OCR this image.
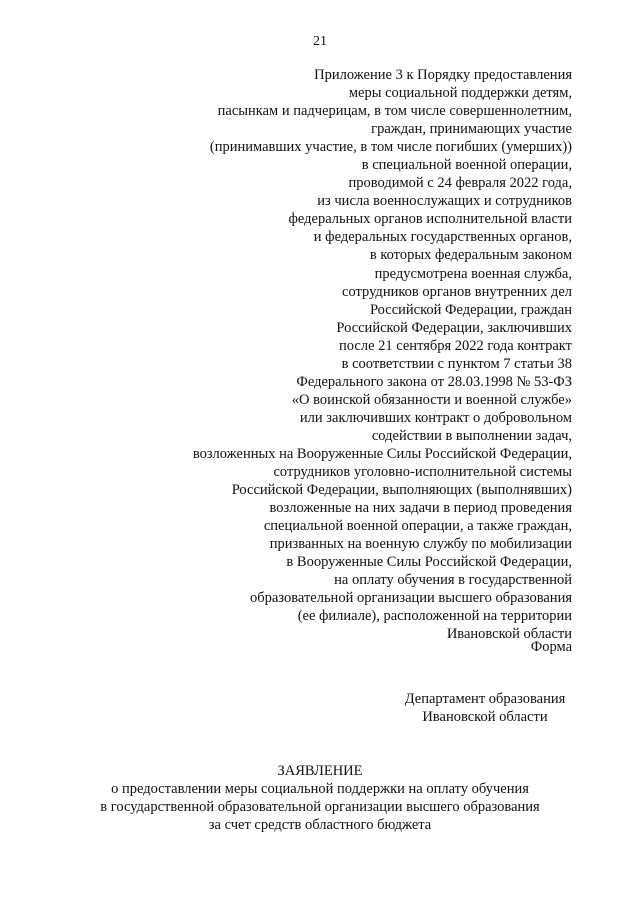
21
Приложение 3 к Порядку предоставления
меры социальной поддержки детям,
пасынкам и падчерицам, в том числе совершеннолетним,
граждан, принимающих участие
(принимавших участие, в том числе погибших (умерших))
в специальной военной операции,
проводимой с 24 февраля 2022 года,
из числа военнослужащих и сотрудников
федеральных органов исполнительной власти
и федеральных государственных органов,
в которых федеральным законом
предусмотрена военная служба,
сотрудников органов внутренних дел
Российской Федерации, граждан
Российской Федерации, заключивших
после 21 сентября 2022 года контракт
в соответствии с пунктом 7 статьи 38
Федерального закона от 28.03.1998 № 53-ФЗ
«О воинской обязанности и военной службе»
или заключивших контракт о добровольном
содействии в выполнении задач,
возложенных на Вооруженные Силы Российской Федерации,
сотрудников уголовно-исполнительной системы
Российской Федерации, выполняющих (выполнявших)
возложенные на них задачи в период проведения
специальной военной операции, а также граждан,
призванных на военную службу по мобилизации
в Вооруженные Силы Российской Федерации,
на оплату обучения в государственной
образовательной организации высшего образования
(ее филиале), расположенной на территории
Ивановской области
Форма
Департамент образования
Ивановской области
ЗАЯВЛЕНИЕ
о предоставлении меры социальной поддержки на оплату обучения
в государственной образовательной организации высшего образования
за счет средств областного бюджета
